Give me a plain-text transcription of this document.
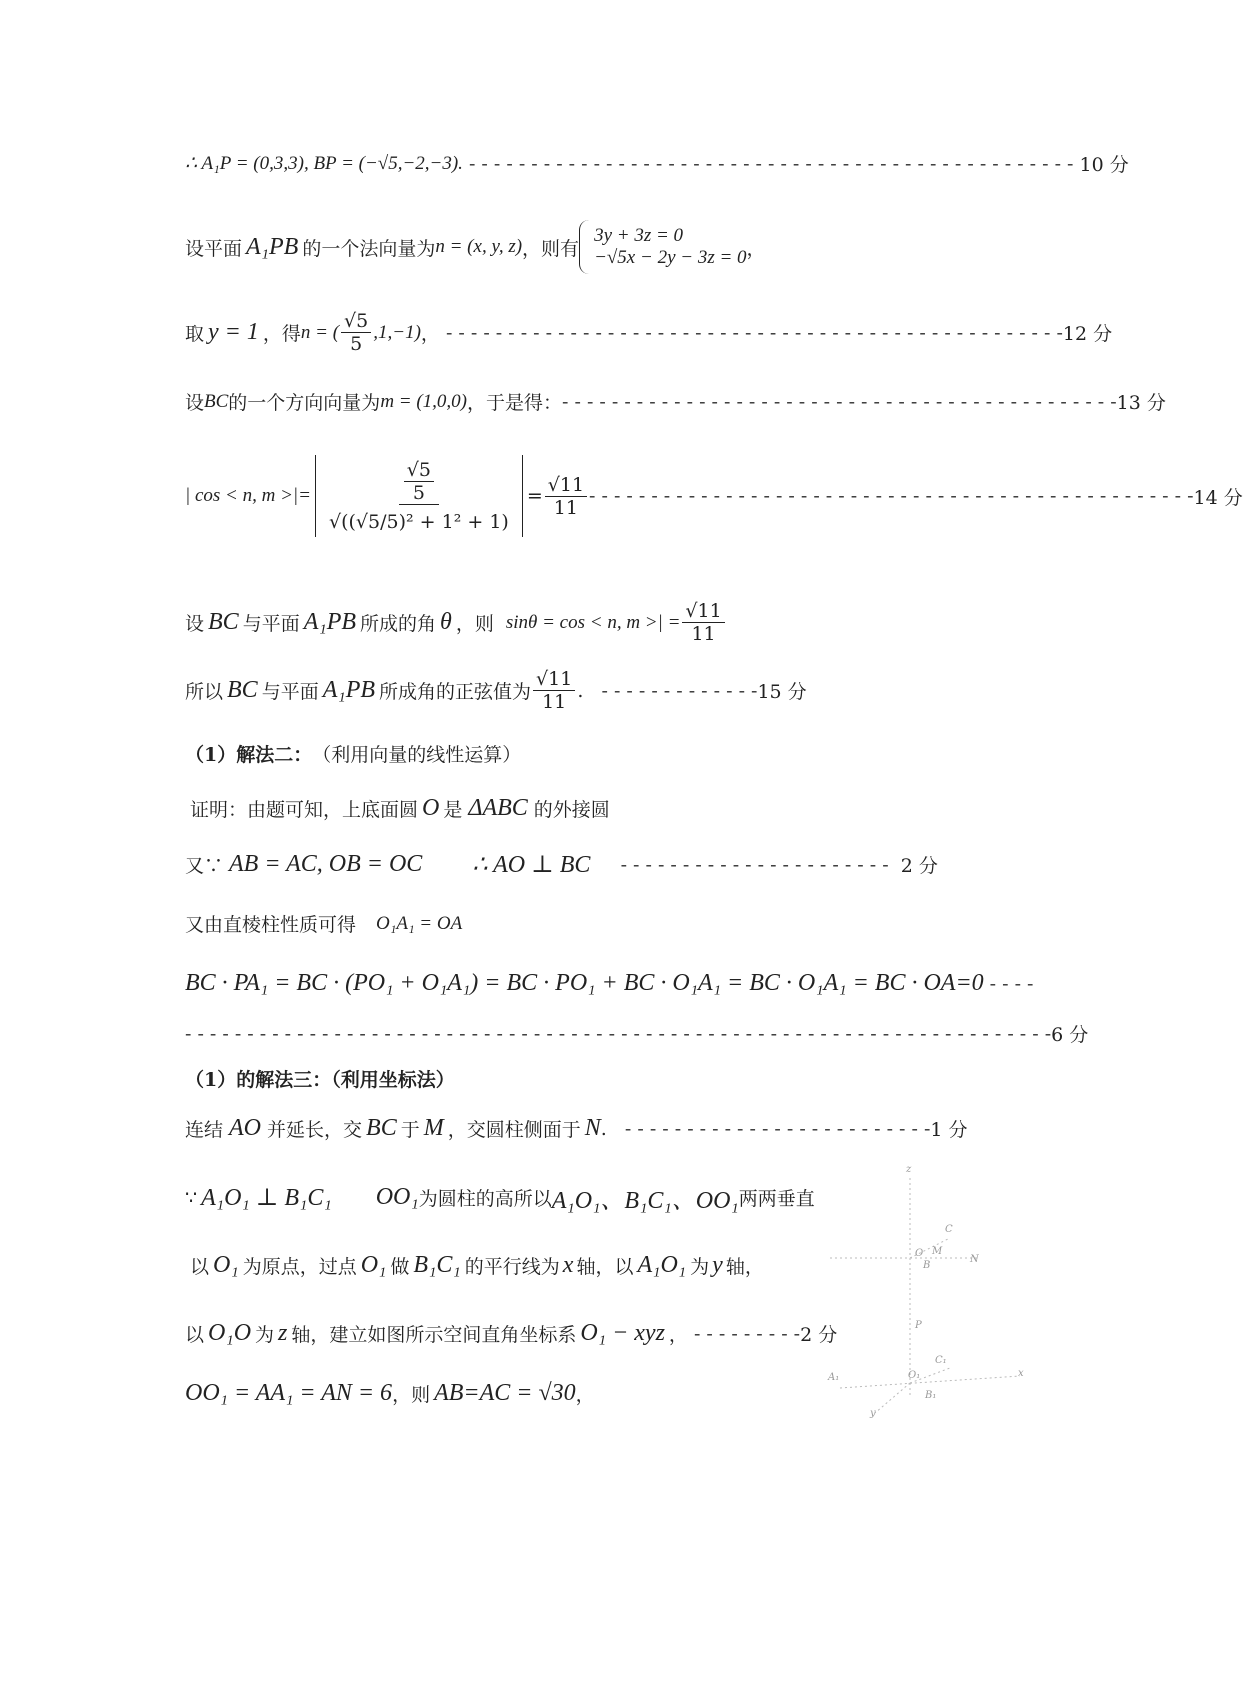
∴ A₁P = (0,3,3), BP = (−√5,−2,−3). - - - - - - - - - - - - - - - - - - - - - - - - - - - - - - - - - - - - - - - - - - - - - - - - - 10 分
设平面 A₁PB 的一个法向量为 n = (x, y, z) ，则有
3y + 3z = 0
−√5x − 2y − 3z = 0 ，
取 y = 1 ，得 n = ( $\frac{√5}{5} ,1,-1$) ， - - - - - - - - - - - - - - - - - - - - - - - - - - - - - - - - - - - - - - - - - - - - - - - - - - 12 分
设 BC 的一个方向向量为 m = (1,0,0) ，于是得： - - - - - - - - - - - - - - - - - - - - - - - - - - - - - - - - - - - - - - - - - - - - - 13 分
| cos < n, m >|= $\frac{\frac{√5}{5}}{\text{√((√5/5)² + 1² + 1)}} = \frac{√11}{11}$ - - - - - - - - - - - - - - - - - - - - - - - - - - - - - - - - - - - - - - - - - - - - - - - - - 14 分
设 BC 与平面 A₁PB 所成的角 θ ，则 sinθ = cos < n, m >| = $\frac{√11}{11}$
所以 BC 与平面 A₁PB 所成角的正弦值为 $\frac{√11}{11}$ . - - - - - - - - - - - - - 15 分
（1）解法二： （利用向量的线性运算）
证明：由题可知，上底面圆 O 是 ΔABC 的外接圆
又∵ AB = AC, OB = OC ∴ AO ⊥ BC - - - - - - - - - - - - - - - - - - - - - - 2 分
又由直棱柱性质可得 O₁A₁ = OA
BC · PA₁ = BC · (PO₁ + O₁A₁) = BC · PO₁ + BC · O₁A₁ = BC · O₁A₁ = BC · OA=0 - - - -
- - - - - - - - - - - - - - - - - - - - - - - - - - - - - - - - - - - - - - - - - - - - - - - - - - - - - - - - - - - - - - - - - - - - - - 6 分
（1）的解法三：（利用坐标法）
连结 AO 并延长，交 BC 于 M ，交圆柱侧面于 N . - - - - - - - - - - - - - - - - - - - - - - - - - 1 分
∵ A₁O₁ ⊥ B₁C₁ OO₁ 为圆柱的高所以 A₁O₁、B₁C₁、OO₁ 两两垂直
以 O₁ 为原点，过点 O₁ 做 B₁C₁ 的平行线为 x 轴，以 A₁O₁ 为 y 轴，
以 O₁O 为 z 轴，建立如图所示空间直角坐标系 O₁ − xyz ， - - - - - - - - - 2 分
OO₁ = AA₁ = AN = 6 ，则 AB=AC = √30 ，
z
O M
N
C
B
P
O₁
A₁
C₁
B₁
x
y
